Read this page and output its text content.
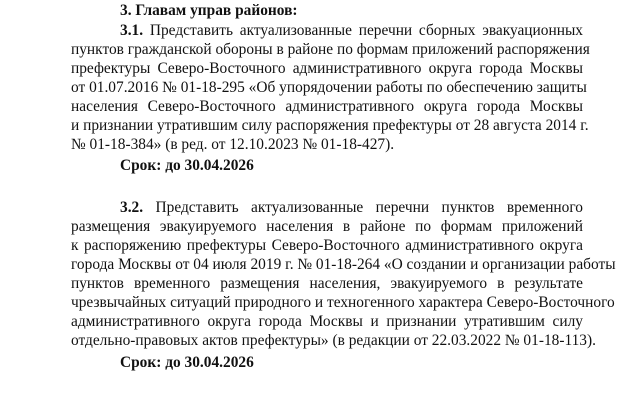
3. Главам управ районов:
3.1. Представить актуализованные перечни сборных эвакуационных
пунктов гражданской обороны в районе по формам приложений распоряжения
префектуры Северо-Восточного административного округа города Москвы
от 01.07.2016 № 01-18-295 «Об упорядочении работы по обеспечению защиты
населения Северо-Восточного административного округа города Москвы
и признании утратившим силу распоряжения префектуры от 28 августа 2014 г.
№ 01-18-384» (в ред. от 12.10.2023 № 01-18-427).
Срок: до 30.04.2026
3.2. Представить актуализованные перечни пунктов временного
размещения эвакуируемого населения в районе по формам приложений
к распоряжению префектуры Северо-Восточного административного округа
города Москвы от 04 июля 2019 г. № 01-18-264 «О создании и организации работы
пунктов временного размещения населения, эвакуируемого в результате
чрезвычайных ситуаций природного и техногенного характера Северо-Восточного
административного округа города Москвы и признании утратившим силу
отдельно-правовых актов префектуры» (в редакции от 22.03.2022 № 01-18-113).
Срок: до 30.04.2026
